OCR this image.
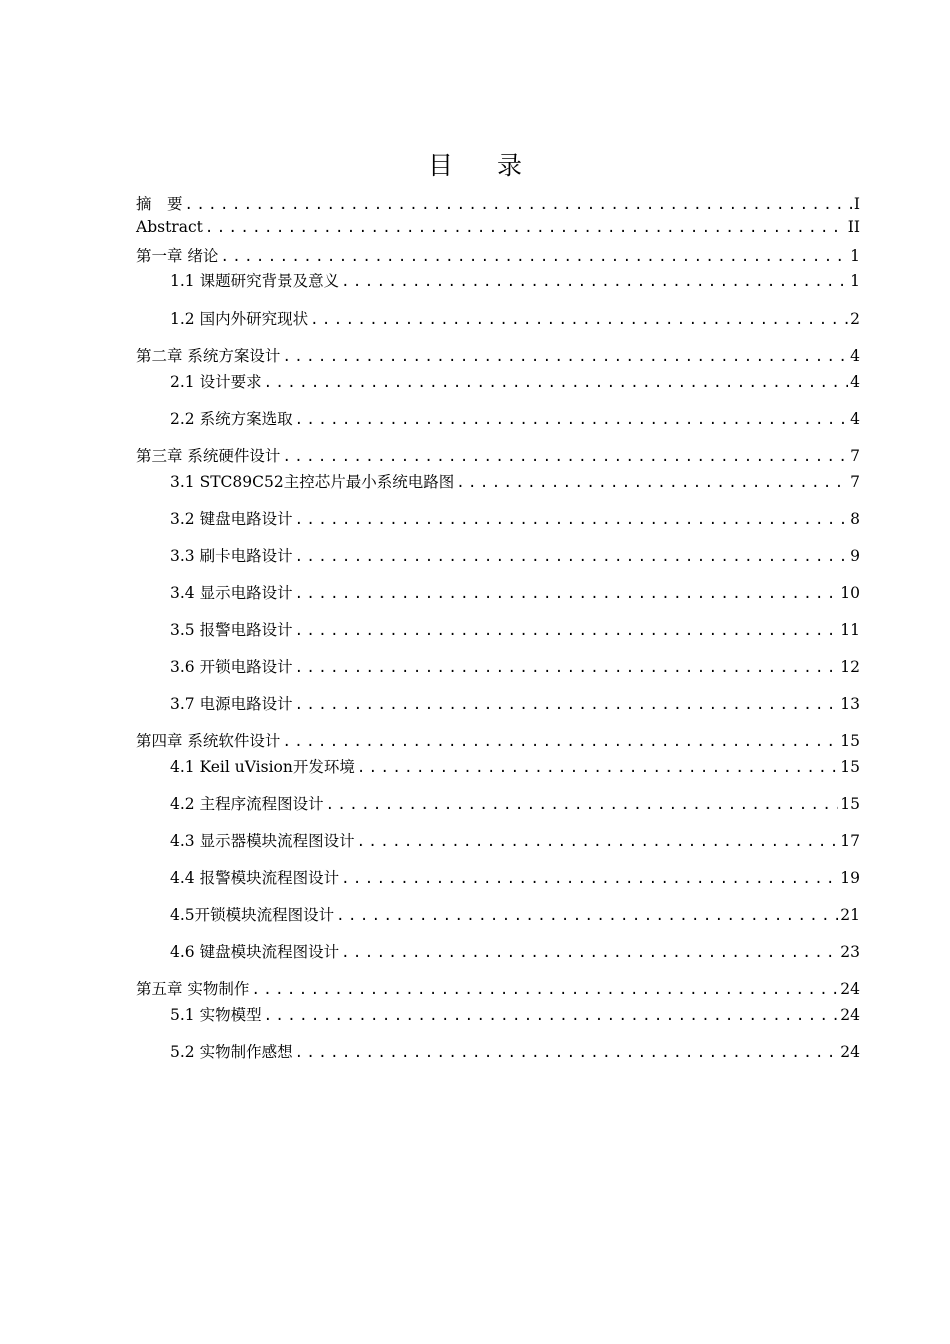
目 录
摘　要 .....	I
Abstract .....	II
第一章 绪论 .....	1
1.1 课题研究背景及意义 .....	1
1.2 国内外研究现状 .....	2
第二章 系统方案设计 .....	4
2.1 设计要求 .....	4
2.2 系统方案选取 .....	4
第三章 系统硬件设计 .....	7
3.1 STC89C52主控芯片最小系统电路图 .....	7
3.2 键盘电路设计 .....	8
3.3 刷卡电路设计 .....	9
3.4 显示电路设计 .....	10
3.5 报警电路设计 .....	11
3.6 开锁电路设计 .....	12
3.7 电源电路设计 .....	13
第四章 系统软件设计 .....	15
4.1 Keil uVision开发环境 .....	15
4.2 主程序流程图设计 .....	15
4.3 显示器模块流程图设计 .....	17
4.4 报警模块流程图设计 .....	19
4.5开锁模块流程图设计 .....	21
4.6 键盘模块流程图设计 .....	23
第五章 实物制作 .....	24
5.1 实物模型 .....	24
5.2 实物制作感想 .....	24
